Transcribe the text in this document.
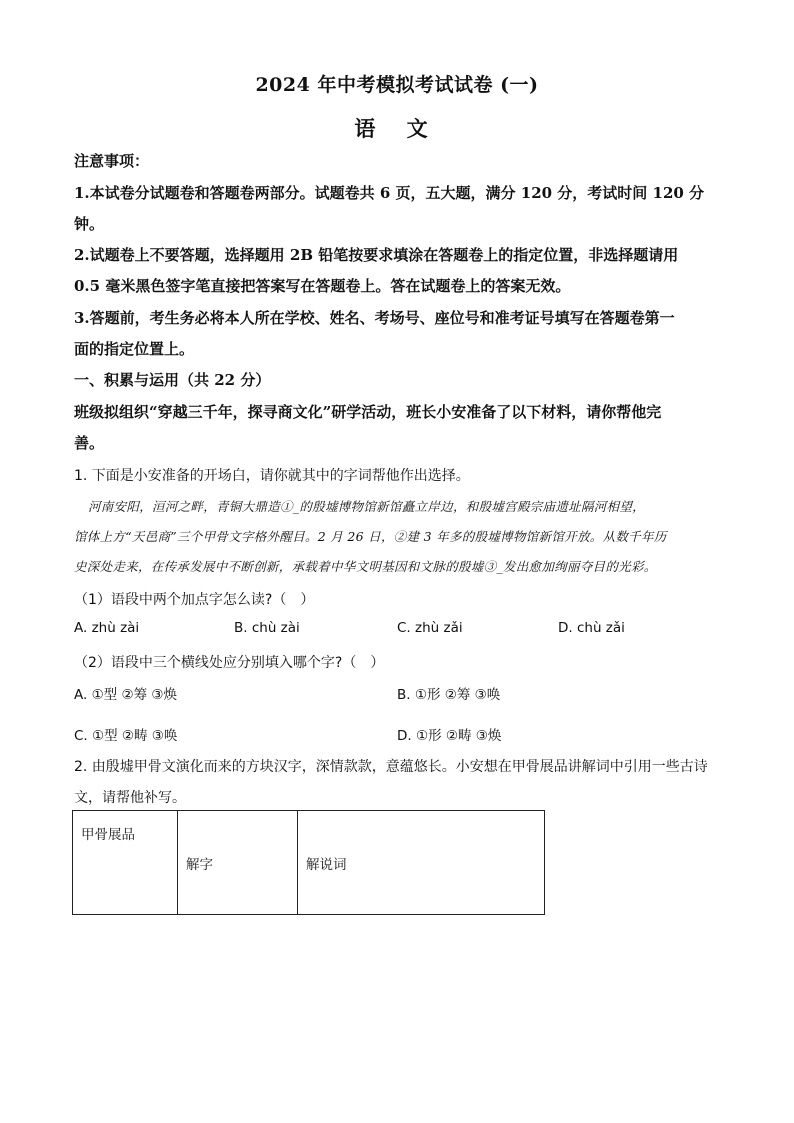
2024 年中考模拟考试试卷 (一)
语 文
注意事项：
1.本试卷分试题卷和答题卷两部分。试题卷共 6 页，五大题，满分 120 分，考试时间 120 分
钟。
2.试题卷上不要答题，选择题用 2B 铅笔按要求填涂在答题卷上的指定位置，非选择题请用
0.5 毫米黑色签字笔直接把答案写在答题卷上。答在试题卷上的答案无效。
3.答题前，考生务必将本人所在学校、姓名、考场号、座位号和准考证号填写在答题卷第一
面的指定位置上。
一、积累与运用（共 22 分）
班级拟组织“穿越三千年，探寻商文化”研学活动，班长小安准备了以下材料，请你帮他完
善。
1. 下面是小安准备的开场白，请你就其中的字词帮他作出选择。
河南安阳，洹河之畔，青铜大鼎造①_的殷墟博物馆新馆矗立岸边，和殷墟宫殿宗庙遗址隔河相望，
馆体上方“天邑商”三个甲骨文字格外醒目。2 月 26 日，②建 3 年多的殷墟博物馆新馆开放。从数千年历
史深处走来，在传承发展中不断创新，承载着中华文明基因和文脉的殷墟③_发出愈加绚丽夺目的光彩。
（1）语段中两个加点字怎么读?（　）
A. zhù zài	B. chù zài	C. zhù zǎi	D. chù zǎi
（2）语段中三个横线处应分别填入哪个字?（　）
A. ①型 ②筹 ③焕	B. ①形 ②筹 ③唤
C. ①型 ②畴 ③唤	D. ①形 ②畴 ③焕
2. 由殷墟甲骨文演化而来的方块汉字，深情款款，意蕴悠长。小安想在甲骨展品讲解词中引用一些古诗
文，请帮他补写。
甲骨展品	解字	解说词
